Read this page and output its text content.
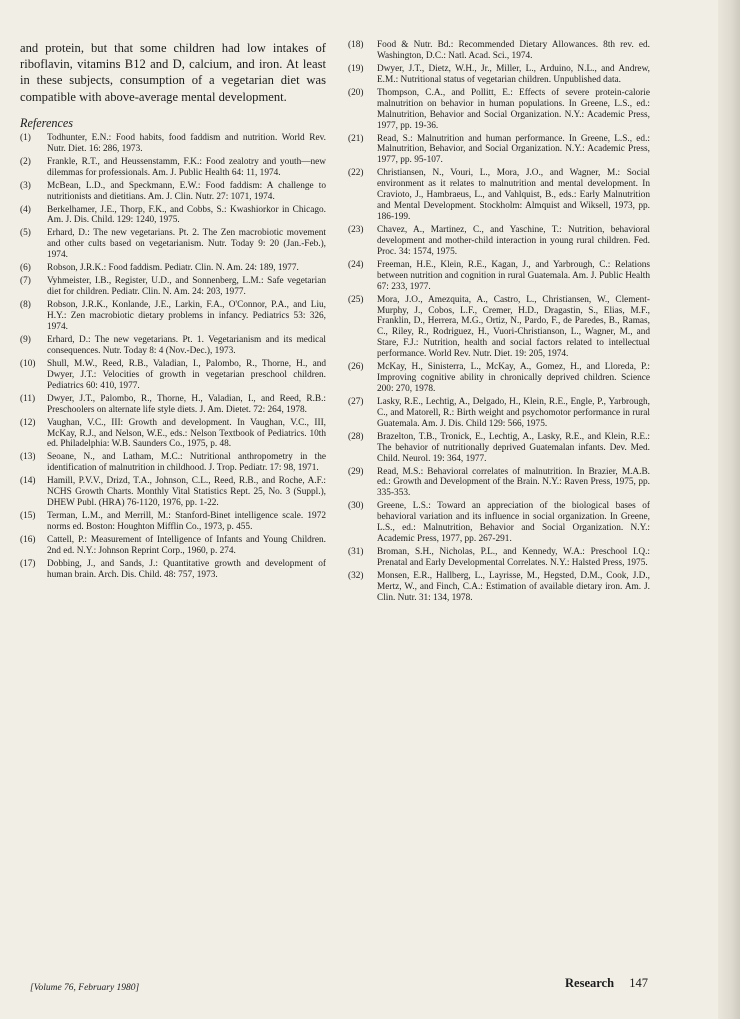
and protein, but that some children had low intakes of riboflavin, vitamins B12 and D, calcium, and iron. At least in these subjects, consumption of a vegetarian diet was compatible with above-average mental development.

References
(1) Todhunter, E.N.: Food habits, food faddism and nutrition. World Rev. Nutr. Diet. 16: 286, 1973.
(2) Frankle, R.T., and Heussenstamm, F.K.: Food zealotry and youth—new dilemmas for professionals. Am. J. Public Health 64: 11, 1974.
(3) McBean, L.D., and Speckmann, E.W.: Food faddism: A challenge to nutritionists and dietitians. Am. J. Clin. Nutr. 27: 1071, 1974.
(4) Berkelhamer, J.E., Thorp, F.K., and Cobbs, S.: Kwashiorkor in Chicago. Am. J. Dis. Child. 129: 1240, 1975.
(5) Erhard, D.: The new vegetarians. Pt. 2. The Zen macrobiotic movement and other cults based on vegetarianism. Nutr. Today 9: 20 (Jan.-Feb.), 1974.
(6) Robson, J.R.K.: Food faddism. Pediatr. Clin. N. Am. 24: 189, 1977.
(7) Vyhmeister, I.B., Register, U.D., and Sonnenberg, L.M.: Safe vegetarian diet for children. Pediatr. Clin. N. Am. 24: 203, 1977.
(8) Robson, J.R.K., Konlande, J.E., Larkin, F.A., O'Connor, P.A., and Liu, H.Y.: Zen macrobiotic dietary problems in infancy. Pediatrics 53: 326, 1974.
(9) Erhard, D.: The new vegetarians. Pt. 1. Vegetarianism and its medical consequences. Nutr. Today 8: 4 (Nov.-Dec.), 1973.
(10) Shull, M.W., Reed, R.B., Valadian, I., Palombo, R., Thorne, H., and Dwyer, J.T.: Velocities of growth in vegetarian preschool children. Pediatrics 60: 410, 1977.
(11) Dwyer, J.T., Palombo, R., Thorne, H., Valadian, I., and Reed, R.B.: Preschoolers on alternate life style diets. J. Am. Dietet. 72: 264, 1978.
(12) Vaughan, V.C., III: Growth and development. In Vaughan, V.C., III, McKay, R.J., and Nelson, W.E., eds.: Nelson Textbook of Pediatrics. 10th ed. Philadelphia: W.B. Saunders Co., 1975, p. 48.
(13) Seoane, N., and Latham, M.C.: Nutritional anthropometry in the identification of malnutrition in childhood. J. Trop. Pediatr. 17: 98, 1971.
(14) Hamill, P.V.V., Drizd, T.A., Johnson, C.L., Reed, R.B., and Roche, A.F.: NCHS Growth Charts. Monthly Vital Statistics Rept. 25, No. 3 (Suppl.), DHEW Publ. (HRA) 76-1120, 1976, pp. 1-22.
(15) Terman, L.M., and Merrill, M.: Stanford-Binet intelligence scale. 1972 norms ed. Boston: Houghton Mifflin Co., 1973, p. 455.
(16) Cattell, P.: Measurement of Intelligence of Infants and Young Children. 2nd ed. N.Y.: Johnson Reprint Corp., 1960, p. 274.
(17) Dobbing, J., and Sands, J.: Quantitative growth and development of human brain. Arch. Dis. Child. 48: 757, 1973.
(18) Food & Nutr. Bd.: Recommended Dietary Allowances. 8th rev. ed. Washington, D.C.: Natl. Acad. Sci., 1974.
(19) Dwyer, J.T., Dietz, W.H., Jr., Miller, L., Arduino, N.L., and Andrew, E.M.: Nutritional status of vegetarian children. Unpublished data.
(20) Thompson, C.A., and Pollitt, E.: Effects of severe protein-calorie malnutrition on behavior in human populations. In Greene, L.S., ed.: Malnutrition, Behavior and Social Organization. N.Y.: Academic Press, 1977, pp. 19-36.
(21) Read, S.: Malnutrition and human performance. In Greene, L.S., ed.: Malnutrition, Behavior, and Social Organization. N.Y.: Academic Press, 1977, pp. 95-107.
(22) Christiansen, N., Vouri, L., Mora, J.O., and Wagner, M.: Social environment as it relates to malnutrition and mental development. In Cravioto, J., Hambraeus, L., and Vahlquist, B., eds.: Early Malnutrition and Mental Development. Stockholm: Almquist and Wiksell, 1973, pp. 186-199.
(23) Chavez, A., Martinez, C., and Yaschine, T.: Nutrition, behavioral development and mother-child interaction in young rural children. Fed. Proc. 34: 1574, 1975.
(24) Freeman, H.E., Klein, R.E., Kagan, J., and Yarbrough, C.: Relations between nutrition and cognition in rural Guatemala. Am. J. Public Health 67: 233, 1977.
(25) Mora, J.O., Amezquita, A., Castro, L., Christiansen, W., Clement-Murphy, J., Cobos, L.F., Cremer, H.D., Dragastin, S., Elias, M.F., Franklin, D., Herrera, M.G., Ortiz, N., Pardo, F., de Paredes, B., Ramas, C., Riley, R., Rodriguez, H., Vuori-Christianson, L., Wagner, M., and Stare, F.J.: Nutrition, health and social factors related to intellectual performance. World Rev. Nutr. Diet. 19: 205, 1974.
(26) McKay, H., Sinisterra, L., McKay, A., Gomez, H., and Lloreda, P.: Improving cognitive ability in chronically deprived children. Science 200: 270, 1978.
(27) Lasky, R.E., Lechtig, A., Delgado, H., Klein, R.E., Engle, P., Yarbrough, C., and Matorell, R.: Birth weight and psychomotor performance in rural Guatemala. Am. J. Dis. Child 129: 566, 1975.
(28) Brazelton, T.B., Tronick, E., Lechtig, A., Lasky, R.E., and Klein, R.E.: The behavior of nutritionally deprived Guatemalan infants. Dev. Med. Child. Neurol. 19: 364, 1977.
(29) Read, M.S.: Behavioral correlates of malnutrition. In Brazier, M.A.B. ed.: Growth and Development of the Brain. N.Y.: Raven Press, 1975, pp. 335-353.
(30) Greene, L.S.: Toward an appreciation of the biological bases of behavioral variation and its influence in social organization. In Greene, L.S., ed.: Malnutrition, Behavior and Social Organization. N.Y.: Academic Press, 1977, pp. 267-291.
(31) Broman, S.H., Nicholas, P.L., and Kennedy, W.A.: Preschool I.Q.: Prenatal and Early Developmental Correlates. N.Y.: Halsted Press, 1975.
(32) Monsen, E.R., Hallberg, L., Layrisse, M., Hegsted, D.M., Cook, J.D., Mertz, W., and Finch, C.A.: Estimation of available dietary iron. Am. J. Clin. Nutr. 31: 134, 1978.
[Volume 76, February 1980]	Research 147
